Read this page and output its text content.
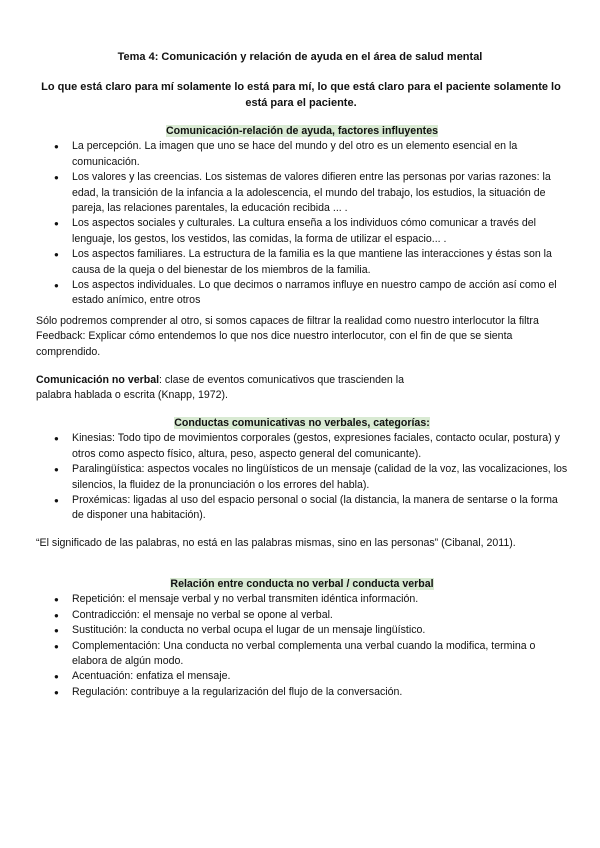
Tema 4: Comunicación y relación de ayuda en el área de salud mental
Lo que está claro para mí solamente lo está para mí, lo que está claro para el paciente solamente lo está para el paciente.
Comunicación-relación de ayuda, factores influyentes
● La percepción. La imagen que uno se hace del mundo y del otro es un elemento esencial en la comunicación.
● Los valores y las creencias. Los sistemas de valores difieren entre las personas por varias razones: la edad, la transición de la infancia a la adolescencia, el mundo del trabajo, los estudios, la situación de pareja, las relaciones parentales, la educación recibida ... .
● Los aspectos sociales y culturales. La cultura enseña a los individuos cómo comunicar a través del lenguaje, los gestos, los vestidos, las comidas, la forma de utilizar el espacio... .
● Los aspectos familiares. La estructura de la familia es la que mantiene las interacciones y éstas son la causa de la queja o del bienestar de los miembros de la familia.
● Los aspectos individuales. Lo que decimos o narramos influye en nuestro campo de acción así como el estado anímico, entre otros

Sólo podremos comprender al otro, si somos capaces de filtrar la realidad como nuestro interlocutor la filtra Feedback: Explicar cómo entendemos lo que nos dice nuestro interlocutor, con el fin de que se sienta comprendido.

Comunicación no verbal: clase de eventos comunicativos que trascienden la palabra hablada o escrita (Knapp, 1972).

Conductas comunicativas no verbales, categorías:
● Kinesias: Todo tipo de movimientos corporales (gestos, expresiones faciales, contacto ocular, postura) y otros como aspecto físico, altura, peso, aspecto general del comunicante).
● Paralingüística: aspectos vocales no lingüísticos de un mensaje (calidad de la voz, las vocalizaciones, los silencios, la fluidez de la pronunciación o los errores del habla).
● Proxémicas: ligadas al uso del espacio personal o social (la distancia, la manera de sentarse o la forma de disponer una habitación).

“El significado de las palabras, no está en las palabras mismas, sino en las personas” (Cibanal, 2011).

Relación entre conducta no verbal / conducta verbal
● Repetición: el mensaje verbal y no verbal transmiten idéntica información.
● Contradicción: el mensaje no verbal se opone al verbal.
● Sustitución: la conducta no verbal ocupa el lugar de un mensaje lingüístico.
● Complementación: Una conducta no verbal complementa una verbal cuando la modifica, termina o elabora de algún modo.
● Acentuación: enfatiza el mensaje.
● Regulación: contribuye a la regularización del flujo de la conversación.
